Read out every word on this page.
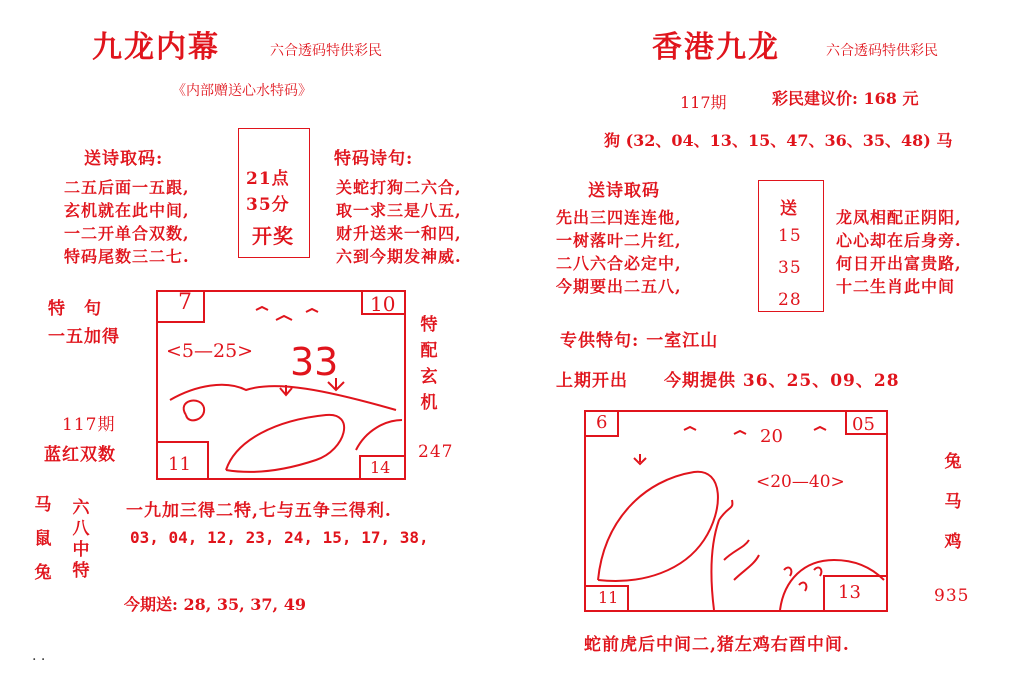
九龙内幕	六合透码特供彩民
《内部赠送心水特码》
送诗取码:
二五后面一五跟,
玄机就在此中间,
一二开单合双数,
特码尾数三二七.
21点
35分
开奖
特码诗句:
关蛇打狗二六合,
取一求三是八五,
财升送来一和四,
六到今期发神威.
特　句
一五加得
117期
蓝红双数
7	10
11	14
<5—25> 33
特配玄机
247
马
鼠
兔
六八中特
一九加三得二特,七与五争三得利.
03, 04, 12, 23, 24, 15, 17, 38,
今期送: 28, 35, 37, 49
. .
香港九龙	六合透码特供彩民
117期	彩民建议价: 168 元
狗 (32、04、13、15、47、36、35、48) 马
送诗取码
先出三四连连他,
一树落叶二片红,
二八六合必定中,
今期要出二五八,
送
15
35
28
龙凤相配正阴阳,
心心却在后身旁.
何日开出富贵路,
十二生肖此中间
专供特句: 一室江山
上期开出　　今期提供 36、25、09、28
6	05
11	13
<20—40>
20
兔
马
鸡
935
蛇前虎后中间二,猪左鸡右酉中间.
